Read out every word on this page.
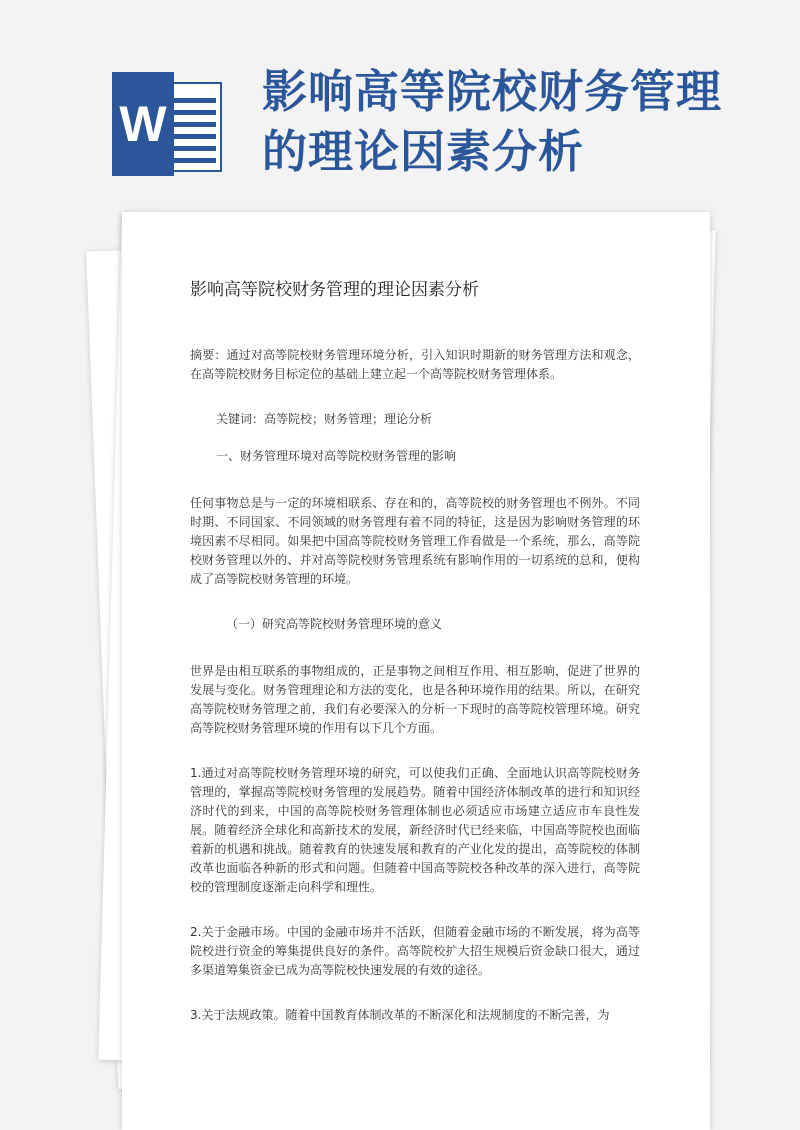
W
影响高等院校财务管理的理论因素分析
影响高等院校财务管理的理论因素分析

摘要：通过对高等院校财务管理环境分析，引入知识时期新的财务管理方法和观念，在高等院校财务目标定位的基础上建立起一个高等院校财务管理体系。

关键词：高等院校；财务管理；理论分析

一、财务管理环境对高等院校财务管理的影响

任何事物总是与一定的环境相联系、存在和的，高等院校的财务管理也不例外。不同时期、不同国家、不同领域的财务管理有着不同的特征，这是因为影响财务管理的环境因素不尽相同。如果把中国高等院校财务管理工作看做是一个系统，那么，高等院校财务管理以外的、并对高等院校财务管理系统有影响作用的一切系统的总和，便构成了高等院校财务管理的环境。

（一）研究高等院校财务管理环境的意义

世界是由相互联系的事物组成的，正是事物之间相互作用、相互影响，促进了世界的发展与变化。财务管理理论和方法的变化，也是各种环境作用的结果。所以，在研究高等院校财务管理之前，我们有必要深入的分析一下现时的高等院校管理环境。研究高等院校财务管理环境的作用有以下几个方面。

1.通过对高等院校财务管理环境的研究，可以使我们正确、全面地认识高等院校财务管理的，掌握高等院校财务管理的发展趋势。随着中国经济体制改革的进行和知识经济时代的到来，中国的高等院校财务管理体制也必须适应市场建立适应市车良性发展。随着经济全球化和高新技术的发展，新经济时代已经来临，中国高等院校也面临着新的机遇和挑战。随着教育的快速发展和教育的产业化发的提出，高等院校的体制改革也面临各种新的形式和问题。但随着中国高等院校各种改革的深入进行，高等院校的管理制度逐渐走向科学和理性。

2.关于金融市场。中国的金融市场并不活跃，但随着金融市场的不断发展，将为高等院校进行资金的筹集提供良好的条件。高等院校扩大招生规模后资金缺口很大，通过多渠道筹集资金已成为高等院校快速发展的有效的途径。

3.关于法规政策。随着中国教育体制改革的不断深化和法规制度的不断完善，为
